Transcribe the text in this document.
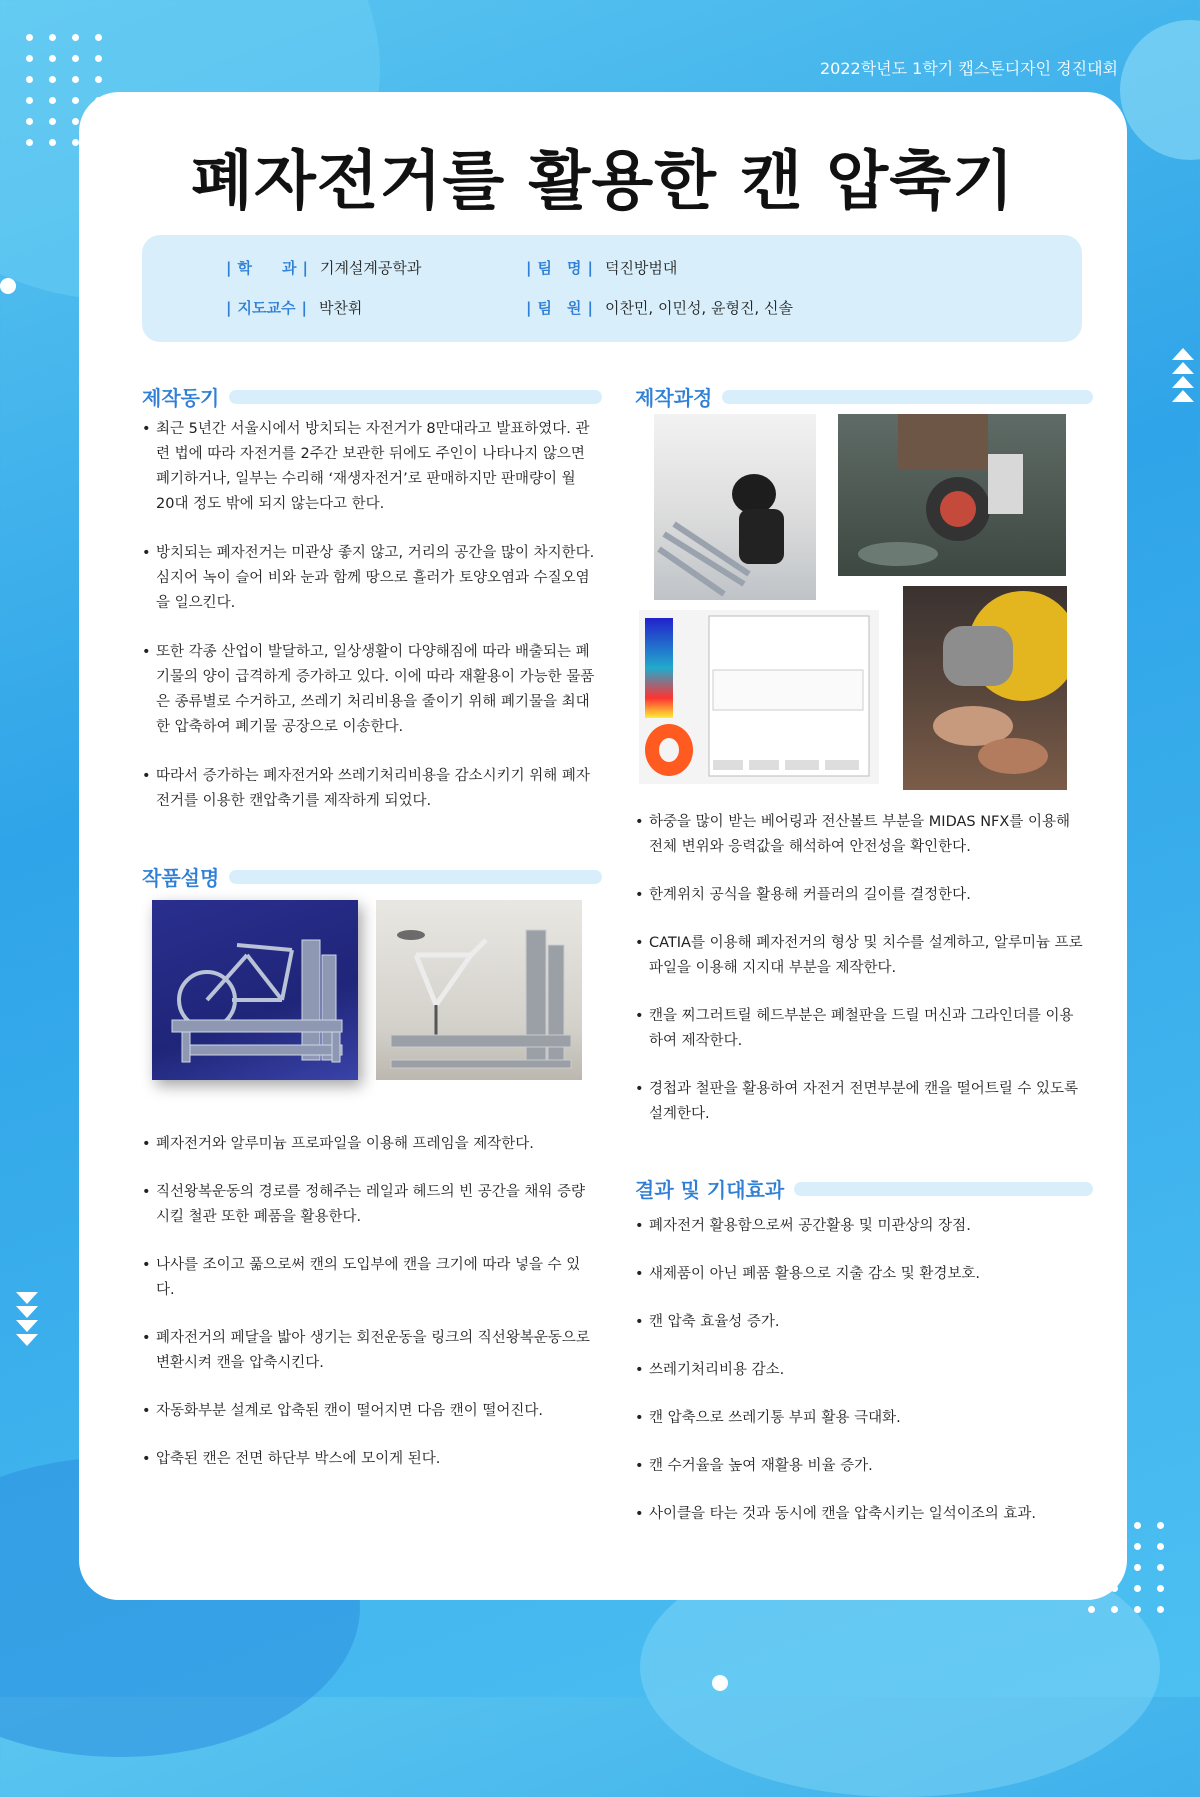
2022학년도 1학기 캡스톤디자인 경진대회
폐자전거를 활용한 캔 압축기
| 학　　과 | 기계설계공학과
| 지도교수 | 박찬휘
| 팀　명 | 덕진방범대
| 팀　원 | 이찬민, 이민성, 윤형진, 신솔
제작동기
• 최근 5년간 서울시에서 방치되는 자전거가 8만대라고 발표하였다. 관련 법에 따라 자전거를 2주간 보관한 뒤에도 주인이 나타나지 않으면 폐기하거나, 일부는 수리해 ‘재생자전거’로 판매하지만 판매량이 월 20대 정도 밖에 되지 않는다고 한다.
• 방치되는 폐자전거는 미관상 좋지 않고, 거리의 공간을 많이 차지한다. 심지어 녹이 슬어 비와 눈과 함께 땅으로 흘러가 토양오염과 수질오염을 일으킨다.
• 또한 각종 산업이 발달하고, 일상생활이 다양해짐에 따라 배출되는 폐기물의 양이 급격하게 증가하고 있다. 이에 따라 재활용이 가능한 물품은 종류별로 수거하고, 쓰레기 처리비용을 줄이기 위해 폐기물을 최대한 압축하여 폐기물 공장으로 이송한다.
• 따라서 증가하는 폐자전거와 쓰레기처리비용을 감소시키기 위해 폐자전거를 이용한 캔압축기를 제작하게 되었다.
작품설명
• 폐자전거와 알루미늄 프로파일을 이용해 프레임을 제작한다.
• 직선왕복운동의 경로를 정해주는 레일과 헤드의 빈 공간을 채워 증량 시킬 철관 또한 폐품을 활용한다.
• 나사를 조이고 풂으로써 캔의 도입부에 캔을 크기에 따라 넣을 수 있다.
• 폐자전거의 페달을 밟아 생기는 회전운동을 링크의 직선왕복운동으로 변환시켜 캔을 압축시킨다.
• 자동화부분 설계로 압축된 캔이 떨어지면 다음 캔이 떨어진다.
• 압축된 캔은 전면 하단부 박스에 모이게 된다.
제작과정
• 하중을 많이 받는 베어링과 전산볼트 부분을 MIDAS NFX를 이용해 전체 변위와 응력값을 해석하여 안전성을 확인한다.
• 한계위치 공식을 활용해 커플러의 길이를 결정한다.
• CATIA를 이용해 폐자전거의 형상 및 치수를 설계하고, 알루미늄 프로파일을 이용해 지지대 부분을 제작한다.
• 캔을 찌그러트릴 헤드부분은 폐철판을 드릴 머신과 그라인더를 이용하여 제작한다.
• 경첩과 철판을 활용하여 자전거 전면부분에 캔을 떨어트릴 수 있도록 설계한다.
결과 및 기대효과
• 폐자전거 활용함으로써 공간활용 및 미관상의 장점.
• 새제품이 아닌 폐품 활용으로 지출 감소 및 환경보호.
• 캔 압축 효율성 증가.
• 쓰레기처리비용 감소.
• 캔 압축으로 쓰레기통 부피 활용 극대화.
• 캔 수거율을 높여 재활용 비율 증가.
• 사이클을 타는 것과 동시에 캔을 압축시키는 일석이조의 효과.
